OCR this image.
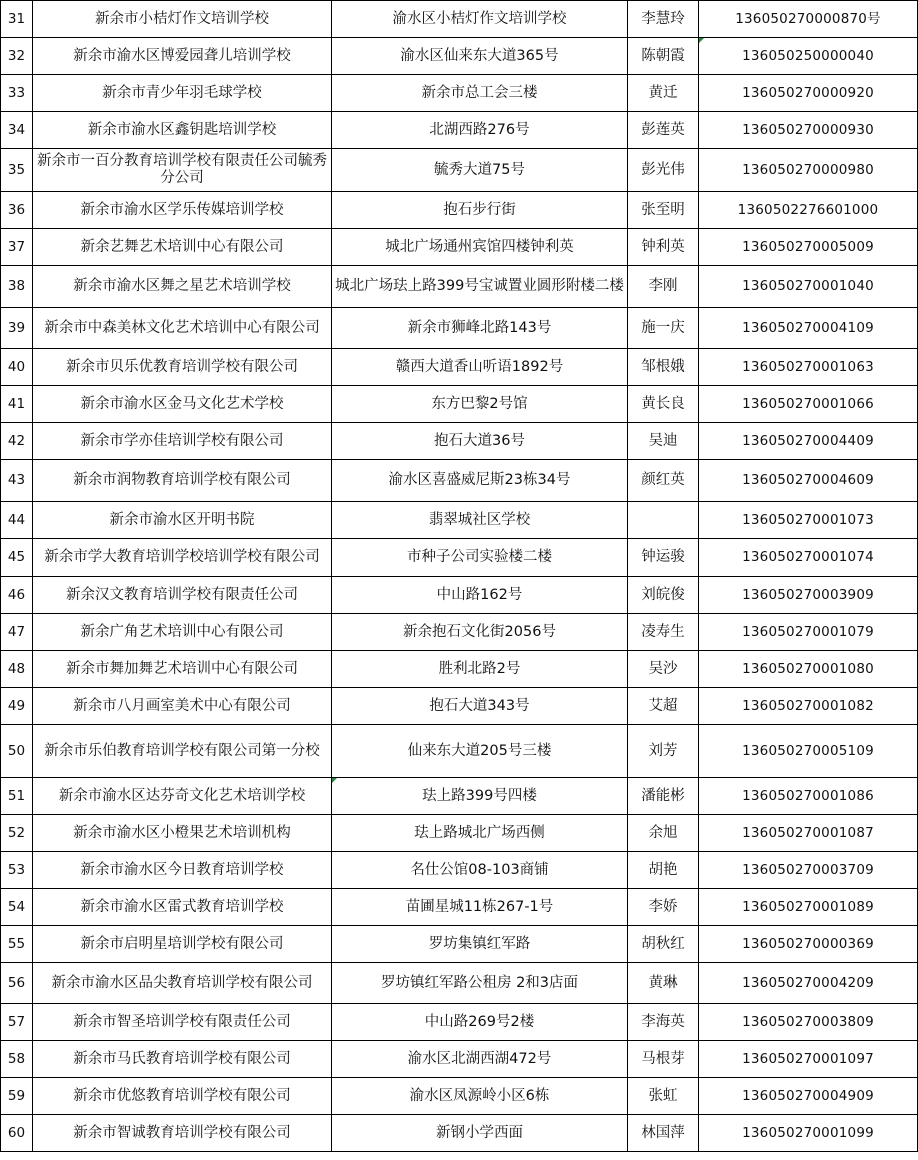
31	新余市小桔灯作文培训学校	渝水区小桔灯作文培训学校	李慧玲	136050270000870号
32	新余市渝水区博爱园聋儿培训学校	渝水区仙来东大道365号	陈朝霞	136050250000040

33	新余市青少年羽毛球学校	新余市总工会三楼	黄迁	136050270000920
34	新余市渝水区鑫钥匙培训学校	北湖西路276号	彭莲英	136050270000930
35	新余市一百分教育培训学校有限责任公司毓秀分公司	毓秀大道75号	彭光伟	136050270000980
36	新余市渝水区学乐传媒培训学校	抱石步行街	张至明	1360502276601000
37	新余艺舞艺术培训中心有限公司	城北广场通州宾馆四楼钟利英	钟利英	136050270005009
38	新余市渝水区舞之星艺术培训学校	城北广场珐上路399号宝诚置业圆形附楼二楼	李刚	136050270001040
39	新余市中森美林文化艺术培训中心有限公司	新余市狮峰北路143号	施一庆	136050270004109
40	新余市贝乐优教育培训学校有限公司	赣西大道香山听语1892号	邹根娥	136050270001063
41	新余市渝水区金马文化艺术学校	东方巴黎2号馆	黄长良	136050270001066
42	新余市学亦佳培训学校有限公司	抱石大道36号	吴迪	136050270004409
43	新余市润物教育培训学校有限公司	渝水区喜盛威尼斯23栋34号	颜红英	136050270004609
44	新余市渝水区开明书院	翡翠城社区学校		136050270001073
45	新余市学大教育培训学校培训学校有限公司	市种子公司实验楼二楼	钟运骏	136050270001074
46	新余汉文教育培训学校有限责任公司	中山路162号	刘皖俊	136050270003909
47	新余广角艺术培训中心有限公司	新余抱石文化街2056号	凌寿生	136050270001079
48	新余市舞加舞艺术培训中心有限公司	胜利北路2号	吴沙	136050270001080
49	新余市八月画室美术中心有限公司	抱石大道343号	艾超	136050270001082
50	新余市乐伯教育培训学校有限公司第一分校	仙来东大道205号三楼	刘芳	136050270005109
51	新余市渝水区达芬奇文化艺术培训学校	珐上路399号四楼	潘能彬	136050270001086
52	新余市渝水区小橙果艺术培训机构	珐上路城北广场西侧	余旭	136050270001087
53	新余市渝水区今日教育培训学校	名仕公馆08-103商铺	胡艳	136050270003709
54	新余市渝水区雷式教育培训学校	苗圃星城11栋267-1号	李娇	136050270001089
55	新余市启明星培训学校有限公司	罗坊集镇红军路	胡秋红	136050270000369
56	新余市渝水区品尖教育培训学校有限公司	罗坊镇红军路公租房 2和3店面	黄琳	136050270004209
57	新余市智圣培训学校有限责任公司	中山路269号2楼	李海英	136050270003809
58	新余市马氏教育培训学校有限公司	渝水区北湖西湖472号	马根芽	136050270001097
59	新余市优悠教育培训学校有限公司	渝水区凤源岭小区6栋	张虹	136050270004909
60	新余市智诚教育培训学校有限公司	新钢小学西面	林国萍	136050270001099
